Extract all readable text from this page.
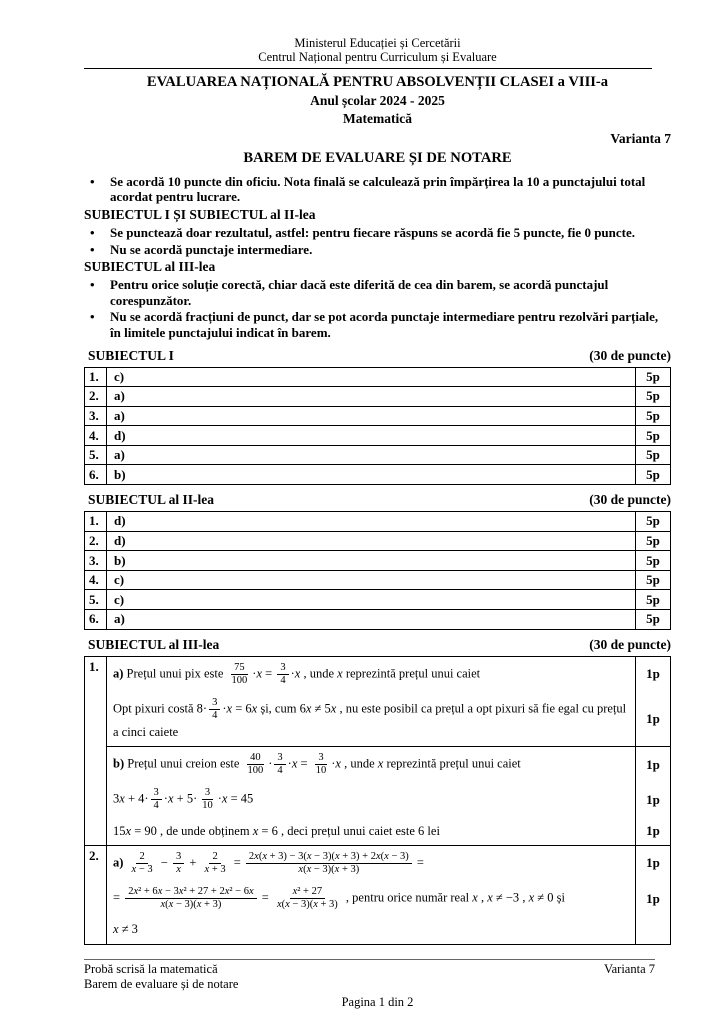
Ministerul Educației și Cercetării
Centrul Național pentru Curriculum și Evaluare
EVALUAREA NAȚIONALĂ PENTRU ABSOLVENȚII CLASEI a VIII-a
Anul școlar 2024 - 2025
Matematică
Varianta 7
BAREM DE EVALUARE ȘI DE NOTARE
•	Se acordă 10 puncte din oficiu. Nota finală se calculează prin împărțirea la 10 a punctajului total acordat pentru lucrare.
SUBIECTUL I ȘI SUBIECTUL al II-lea
•	Se punctează doar rezultatul, astfel: pentru fiecare răspuns se acordă fie 5 puncte, fie 0 puncte.
•	Nu se acordă punctaje intermediare.
SUBIECTUL al III-lea
•	Pentru orice soluție corectă, chiar dacă este diferită de cea din barem, se acordă punctajul corespunzător.
•	Nu se acordă fracțiuni de punct, dar se pot acorda punctaje intermediare pentru rezolvări parțiale, în limitele punctajului indicat în barem.
SUBIECTUL I	(30 de puncte)
1.	c)	5p
2.	a)	5p
3.	a)	5p
4.	d)	5p
5.	a)	5p
6.	b)	5p
SUBIECTUL al II-lea	(30 de puncte)
1.	d)	5p
2.	d)	5p
3.	b)	5p
4.	c)	5p
5.	c)	5p
6.	a)	5p
SUBIECTUL al III-lea	(30 de puncte)
1.	a) Prețul unui pix este $\frac{75}{100} \cdot x = \frac{3}{4} \cdot x$ , unde x reprezintă prețul unui caiet	1p
Opt pixuri costă $8\cdot \frac{3}{4} \cdot x = 6x$ și, cum 6x ≠ 5x , nu este posibil ca prețul a opt pixuri să fie egal cu prețul a cinci caiete
1p
b) Prețul unui creion este $\frac{40}{100} \cdot \frac{3}{4} \cdot x = \frac{3}{10} \cdot x$ , unde x reprezintă prețul unui caiet	1p
$3x + 4\cdot \frac{3}{4} \cdot x + 5\cdot \frac{3}{10} \cdot x = 45$	1p
15x = 90 , de unde obținem x = 6 , deci prețul unui caiet este 6 lei	1p
2.	$a) \frac{2}{x - 3} - \frac{3}{x} + \frac{2}{x + 3} = \frac{2x(x + 3) - 3(x - 3)(x + 3) + 2x(x - 3)}{x(x - 3)(x + 3)}$ =	1p
= $\frac{\text{2x² + 6x − 3x² + 27 + 2x² − 6x}}{x(x - 3)(x + 3)} = \frac{\text{x² + 27}}{x(x - 3)(x + 3)}$ , pentru orice număr real x , x ≠ −3 , x ≠ 0 și	1p
x ≠ 3
Probă scrisă la matematică
Barem de evaluare și de notare
Varianta 7
Pagina 1 din 2
